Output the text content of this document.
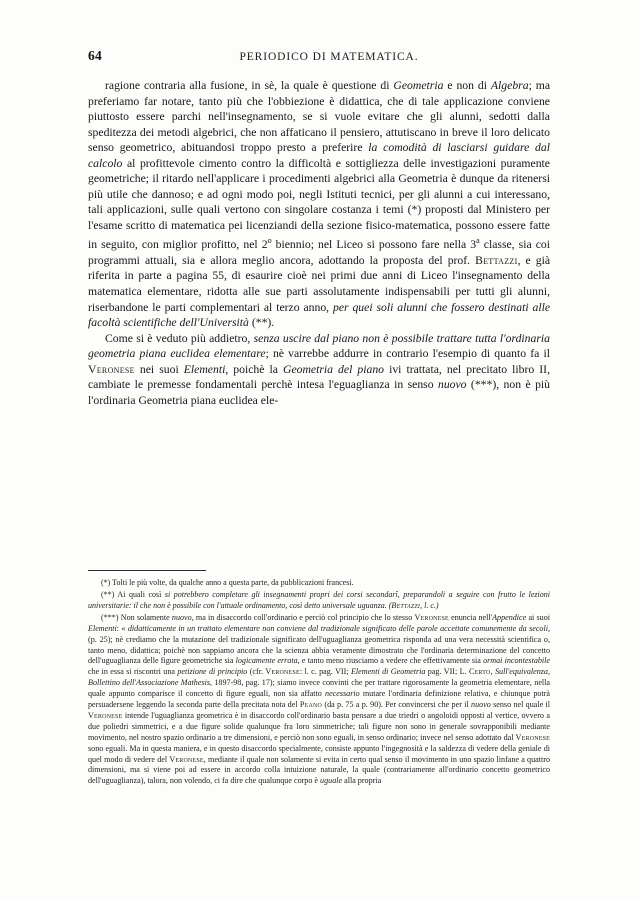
64	PERIODICO DI MATEMATICA.

ragione contraria alla fusione, in sè, la quale è questione di Geometria e non di Algebra; ma preferiamo far notare, tanto più che l'obbiezione è didattica, che di tale applicazione conviene piuttosto essere parchi nell'insegnamento, se si vuole evitare che gli alunni, sedotti dalla speditezza dei metodi algebrici, che non affaticano il pensiero, attutiscano in breve il loro delicato senso geometrico, abituandosi troppo presto a preferire la comodità di lasciarsi guidare dal calcolo al profittevole cimento contro la difficoltà e sottigliezza delle investigazioni puramente geometriche; il ritardo nell'applicare i procedimenti algebrici alla Geometria è dunque da ritenersi più utile che dannoso; e ad ogni modo poi, negli Istituti tecnici, per gli alunni a cui interessano, tali applicazioni, sulle quali vertono con singolare costanza i temi (*) proposti dal Ministero per l'esame scritto di matematica pei licenziandi della sezione fisico-matematica, possono essere fatte in seguito, con miglior profitto, nel 2$^o$ biennio; nel Liceo si possono fare nella 3$^a$ classe, sia coi programmi attuali, sia e allora meglio ancora, adottando la proposta del prof. Bettazzi, e già riferita in parte a pagina 55, di esaurire cioè nei primi due anni di Liceo l'insegnamento della matematica elementare, ridotta alle sue parti assolutamente indispensabili per tutti gli alunni, riserbandone le parti complementari al terzo anno, per quei soli alunni che fossero destinati alle facoltà scientifiche dell'Università (**).

Come si è veduto più addietro, senza uscire dal piano non è possibile trattare tutta l'ordinaria geometria piana euclidea elementare; nè varrebbe addurre in contrario l'esempio di quanto fa il Veronese nei suoi Elementi, poichè la Geometria del piano ivi trattata, nel precitato libro II, cambiate le premesse fondamentali perchè intesa l'eguaglianza in senso nuovo (***), non è più l'ordinaria Geometria piana euclidea ele-

(*) Tolti le più volte, da qualche anno a questa parte, da pubblicazioni francesi.

(**) Ai quali così si potrebbero completare gli insegnamenti propri dei corsi secondarî, preparandoli a seguire con frutto le lezioni universitarie: il che non è possibile con l'attuale ordinamento, così detto universale uguanza. (Bettazzi, l. c.)

(***) Non solamente nuovo, ma in disaccordo coll'ordinario e perciò col principio che lo stesso Veronese enuncia nell'Appendice ai suoi Elementi: « didatticamente in un trattato elementare non conviene dal tradizionale significato delle parole accettate comunemente da secoli, (p. 25); nè crediamo che la mutazione del tradizionale significato dell'uguaglianza geometrica risponda ad una vera necessità scientifica o, tanto meno, didattica; poichè non sappiamo ancora che la scienza abbia veramente dimostrato che l'ordinaria determinazione del concetto dell'uguaglianza delle figure geometriche sia logicamente errata, e tanto meno riusciamo a vedere che effettivamente sia ormai incontestabile che in essa si riscontri una petizione di principio (cfr. Veronese: l. c. pag. VII; Elementi di Geometria pag. VII; L. Certo, Sull'equivalenza, Bollettino dell'Associazione Mathesis, 1897-98, pag. 17); siamo invece convinti che per trattare rigorosamente la geometria elementare, nella quale appunto comparisce il concetto di figure eguali, non sia affatto necessario mutare l'ordinaria definizione relativa, e chiunque potrà persuadersene leggendo la seconda parte della precitata nota del Peano (da p. 75 a p. 90). Per convincersi che per il nuovo senso nel quale il Veronese intende l'uguaglianza geometrica è in disaccordo coll'ordinario basta pensare a due triedri o angoloidi opposti al vertice, ovvero a due poliedri simmetrici, e a due figure solide qualunque fra loro simmetriche; tali figure non sono in generale sovrapponibili mediante movimento, nel nostro spazio ordinario a tre dimensioni, e perciò non sono eguali, in senso ordinario; invece nel senso adottato dal Veronese sono eguali. Ma in questa maniera, e in questo disaccordo specialmente, consiste appunto l'ingegnosità e la saldezza di vedere della geniale di quel modo di vedere del Veronese, mediante il quale non solamente si evita in certo qual senso il movimento in uno spazio linfane a quattro dimensioni, ma si viene poi ad essere in accordo colla intuizione naturale, la quale (contrariamente all'ordinario concetto geometrico dell'uguaglianza), talora, non volendo, ci fa dire che qualunque corpo è uguale alla propria
